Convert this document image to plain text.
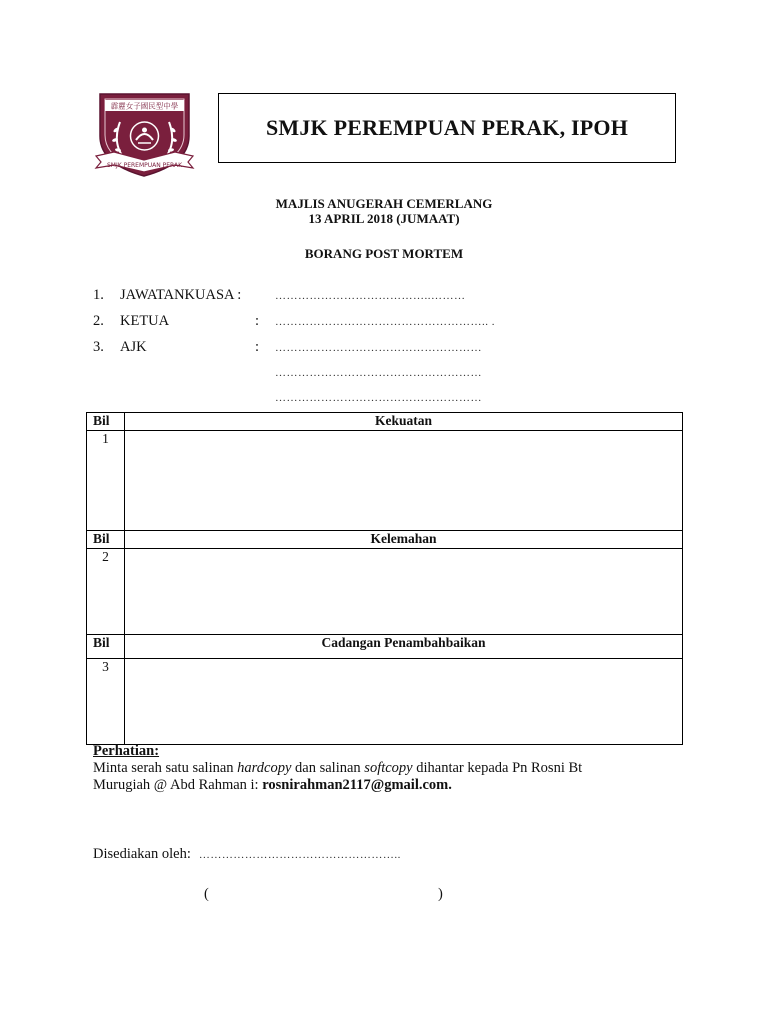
霹靂女子國民型中學
SMJK PEREMPUAN PERAK
SMJK PEREMPUAN PERAK, IPOH
MAJLIS ANUGERAH CEMERLANG
13 APRIL 2018 (JUMAAT)
BORANG POST MORTEM
1. JAWATANKUASA :	…………………………………..………
2. KETUA	: ……………………………………………….. .
3. AJK	: ………………………………………………
………………………………………………
………………………………………………
Bil	Kekuatan
1	
Bil	Kelemahan
2	
Bil	Cadangan Penambahbaikan
3	
Perhatian:
Minta serah satu salinan hardcopy dan salinan softcopy dihantar kepada Pn Rosni Bt
Murugiah @ Abd Rahman i: rosnirahman2117@gmail.com.
Disediakan oleh: ……………………………………………..
(	)
